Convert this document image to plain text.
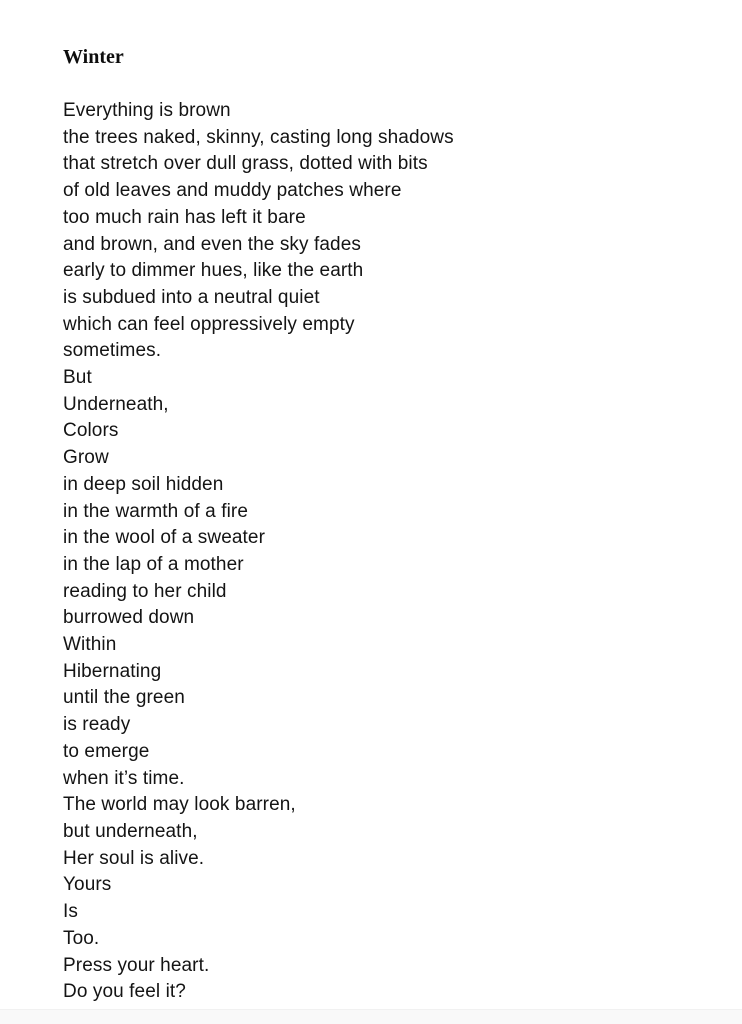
Winter
Everything is brown
the trees naked, skinny, casting long shadows
that stretch over dull grass, dotted with bits
of old leaves and muddy patches where
too much rain has left it bare
and brown, and even the sky fades
early to dimmer hues, like the earth
is subdued into a neutral quiet
which can feel oppressively empty
sometimes.
But
Underneath,
Colors
Grow
in deep soil hidden
in the warmth of a fire
in the wool of a sweater
in the lap of a mother
reading to her child
burrowed down
Within
Hibernating
until the green
is ready
to emerge
when it’s time.
The world may look barren,
but underneath,
Her soul is alive.
Yours
Is
Too.
Press your heart.
Do you feel it?
